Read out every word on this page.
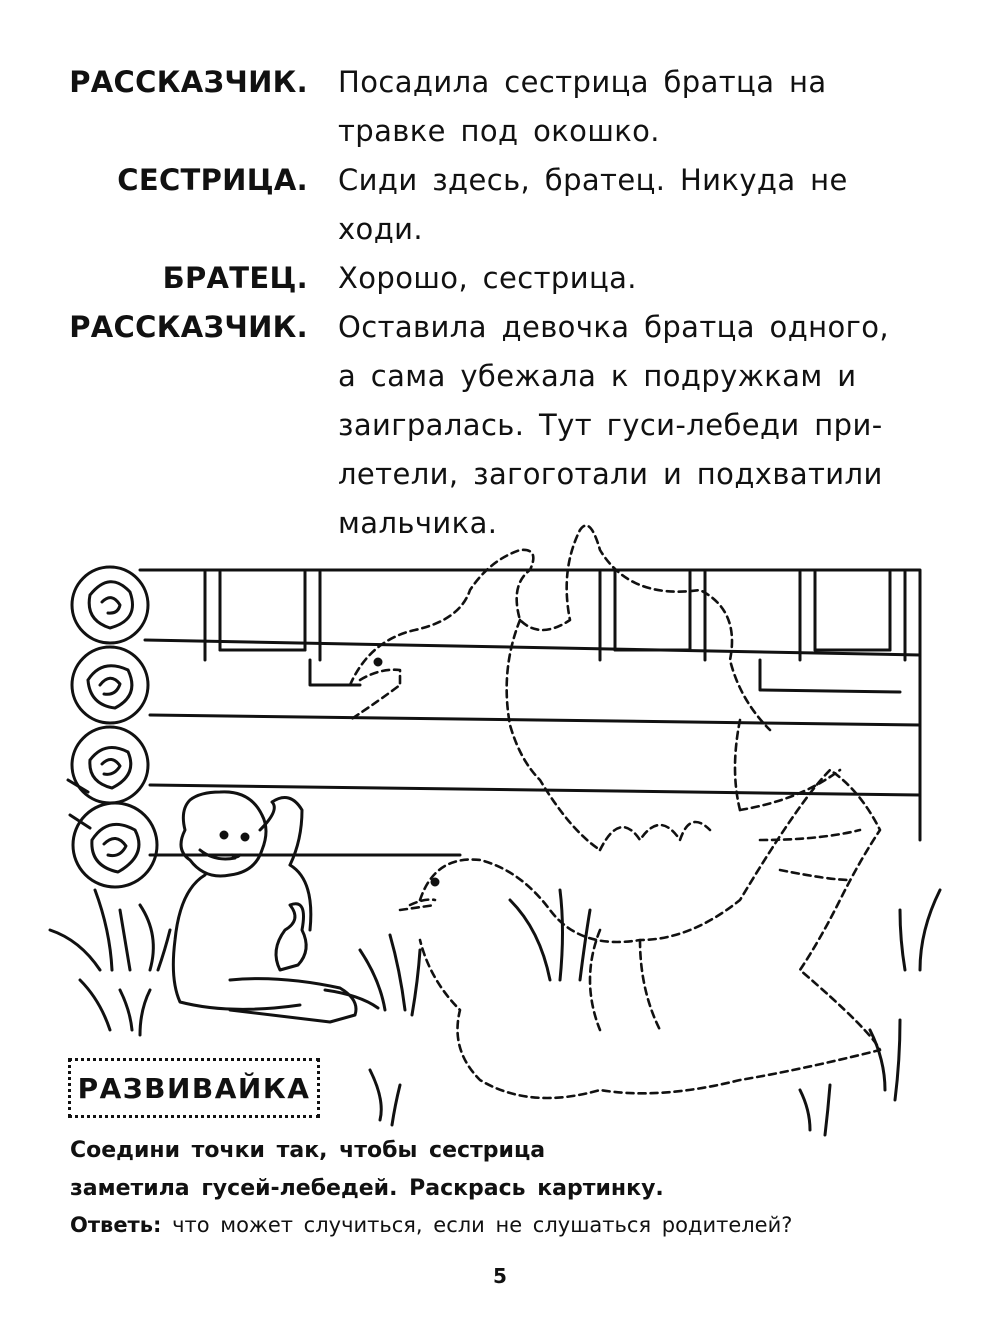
РАССКАЗЧИК. Посадила сестрица братца на
травке под окошко.
СЕСТРИЦА. Сиди здесь, братец. Никуда не
ходи.
БРАТЕЦ. Хорошо, сестрица.
РАССКАЗЧИК. Оставила девочка братца одного,
а сама убежала к подружкам и
заигралась. Тут гуси-лебеди при-
летели, загоготали и подхватили
мальчика.
РАЗВИВАЙКА
Соедини точки так, чтобы сестрица
заметила гусей-лебедей. Раскрась картинку.
Ответь: что может случиться, если не слушаться родителей?
5
